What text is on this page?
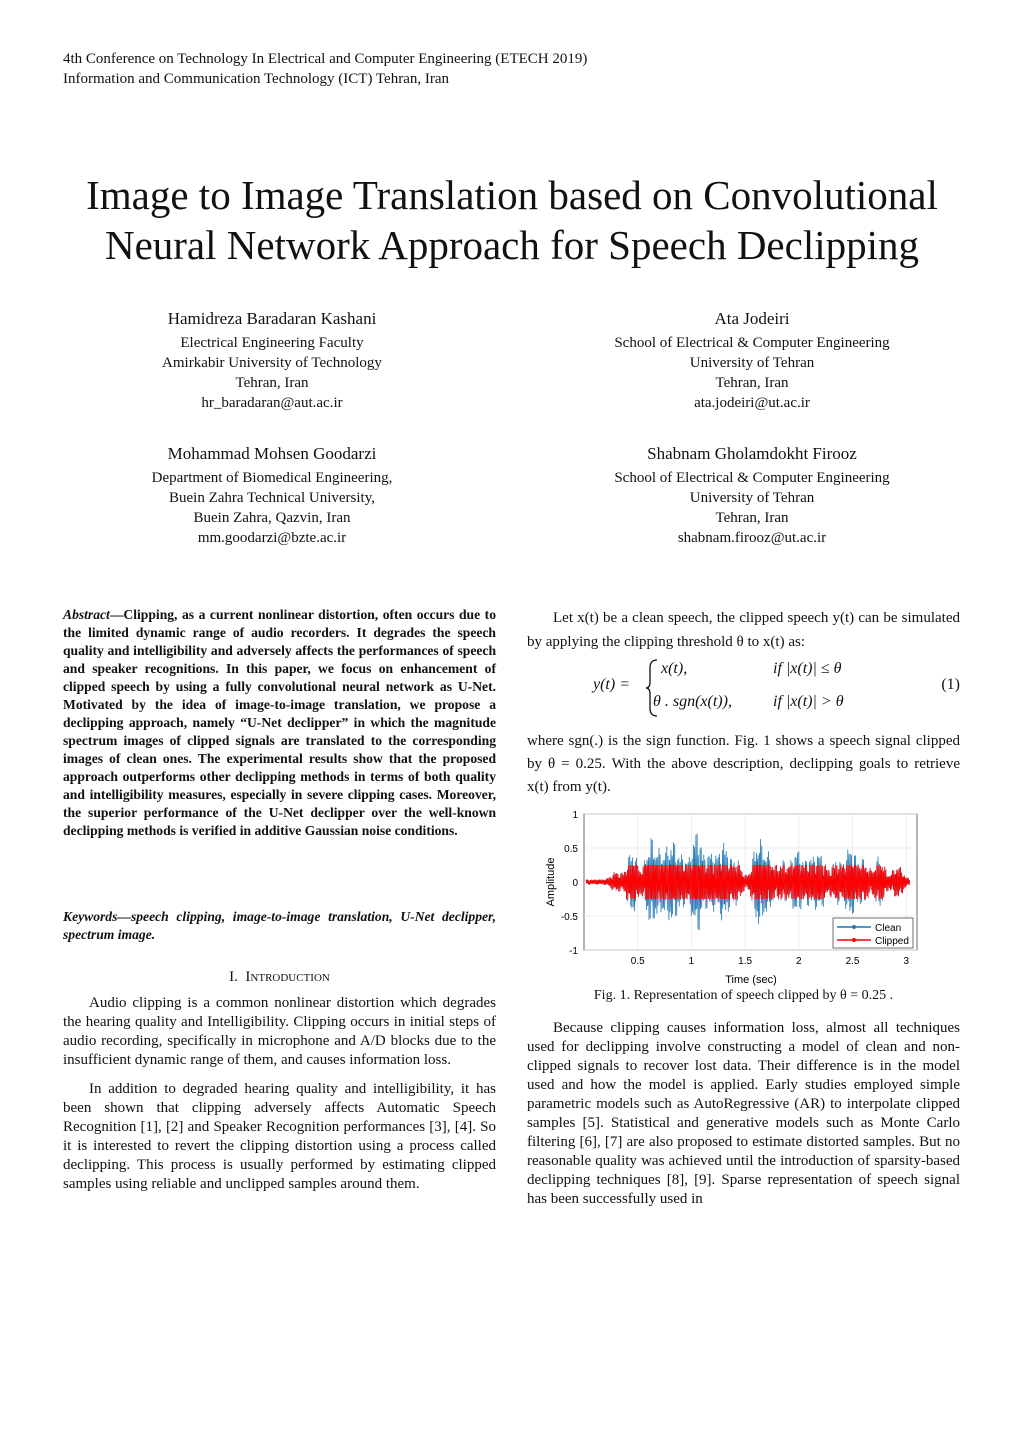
4th Conference on Technology In Electrical and Computer Engineering (ETECH 2019)
Information and Communication Technology (ICT) Tehran, Iran
Image to Image Translation based on Convolutional
Neural Network Approach for Speech Declipping
Hamidreza Baradaran Kashani
Electrical Engineering Faculty
Amirkabir University of Technology
Tehran, Iran
hr_baradaran@aut.ac.ir
Ata Jodeiri
School of Electrical & Computer Engineering
University of Tehran
Tehran, Iran
ata.jodeiri@ut.ac.ir
Mohammad Mohsen Goodarzi
Department of Biomedical Engineering,
Buein Zahra Technical University,
Buein Zahra, Qazvin, Iran
mm.goodarzi@bzte.ac.ir
Shabnam Gholamdokht Firooz
School of Electrical & Computer Engineering
University of Tehran
Tehran, Iran
shabnam.firooz@ut.ac.ir
Abstract—Clipping, as a current nonlinear distortion, often occurs due to the limited dynamic range of audio recorders. It degrades the speech quality and intelligibility and adversely affects the performances of speech and speaker recognitions. In this paper, we focus on enhancement of clipped speech by using a fully convolutional neural network as U-Net. Motivated by the idea of image-to-image translation, we propose a declipping approach, namely “U-Net declipper” in which the magnitude spectrum images of clipped signals are translated to the corresponding images of clean ones. The experimental results show that the proposed approach outperforms other declipping methods in terms of both quality and intelligibility measures, especially in severe clipping cases. Moreover, the superior performance of the U-Net declipper over the well-known declipping methods is verified in additive Gaussian noise conditions.
Keywords—speech clipping, image-to-image translation, U-Net declipper, spectrum image.
I. Introduction

Audio clipping is a common nonlinear distortion which degrades the hearing quality and Intelligibility. Clipping occurs in initial steps of audio recording, specifically in microphone and A/D blocks due to the insufficient dynamic range of them, and causes information loss.

In addition to degraded hearing quality and intelligibility, it has been shown that clipping adversely affects Automatic Speech Recognition [1], [2] and Speaker Recognition performances [3], [4]. So it is interested to revert the clipping distortion using a process called declipping. This process is usually performed by estimating clipped samples using reliable and unclipped samples around them.

Let x(t) be a clean speech, the clipped speech y(t) can be simulated by applying the clipping threshold θ to x(t) as:

y(t) =
x(t),	if |x(t)| ≤ θ
θ . sgn(x(t)),	if |x(t)| > θ
(1)

where sgn(.) is the sign function. Fig. 1 shows a speech signal clipped by θ = 0.25. With the above description, declipping goals to retrieve x(t) from y(t).

0.5	1	1.5	2	2.5	3
1
0.5
0
-0.5
-1
Amplitude
Time (sec)
Clean
Clipped
Fig. 1. Representation of speech clipped by θ = 0.25 .

Because clipping causes information loss, almost all techniques used for declipping involve constructing a model of clean and non-clipped signals to recover lost data. Their difference is in the model used and how the model is applied. Early studies employed simple parametric models such as AutoRegressive (AR) to interpolate clipped samples [5]. Statistical and generative models such as Monte Carlo filtering [6], [7] are also proposed to estimate distorted samples. But no reasonable quality was achieved until the introduction of sparsity-based declipping techniques [8], [9]. Sparse representation of speech signal has been successfully used in
